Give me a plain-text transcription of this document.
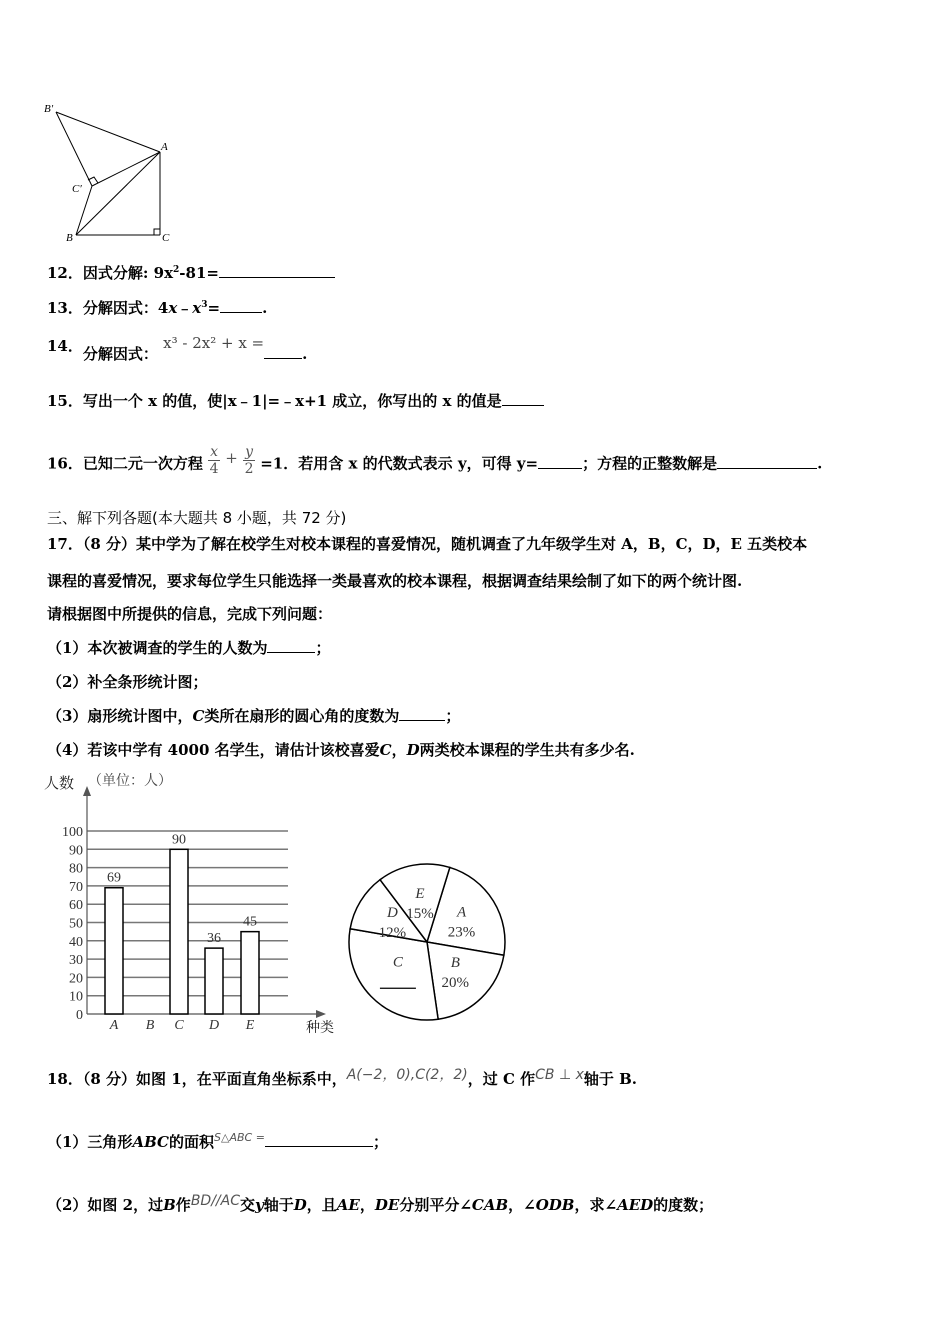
B′
A
C′
B	C
12．因式分解: $9x^2-81=$
13．分解因式：$4x﹣x^3=$	.
14．分解因式： x³ - 2x² + x =.
15．写出一个 x 的值，使|x﹣1|=﹣x+1 成立，你写出的 x 的值是
16．已知二元一次方程 $\frac{x}{4} + \frac{y}{2} =1$．若用含 x 的代数式表示 y，可得 y=	；方程的正整数解是	.
三、解下列各题(本大题共 8 小题，共 72 分)
17．（8 分）某中学为了解在校学生对校本课程的喜爱情况，随机调查了九年级学生对 A，B，C，D，E 五类校本
课程的喜爱情况，要求每位学生只能选择一类最喜欢的校本课程，根据调查结果绘制了如下的两个统计图.
请根据图中所提供的信息，完成下列问题：
（1）本次被调查的学生的人数为	；
（2）补全条形统计图；
（3）扇形统计图中，C类所在扇形的圆心角的度数为	；
（4）若该中学有 4000 名学生，请估计该校喜爱C，D两类校本课程的学生共有多少名.
0
10
20
30
40
50
60
70
80
90
100
人数 （单位：人）
种类
A
69
B C
90
D
36
E
45
A
23%
B
20%
C
D
12%
E
15%
18．（8 分）如图 1，在平面直角坐标系中，A(−2，0),C(2，2)，过 C 作CB ⊥ x轴于 B.
（1）三角形ABC的面积$^{S\triangle ABC =}$	；
（2）如图 2，过B作BD//AC交y轴于D，且AE，DE分别平分∠CAB，∠ODB，求∠AED的度数；
